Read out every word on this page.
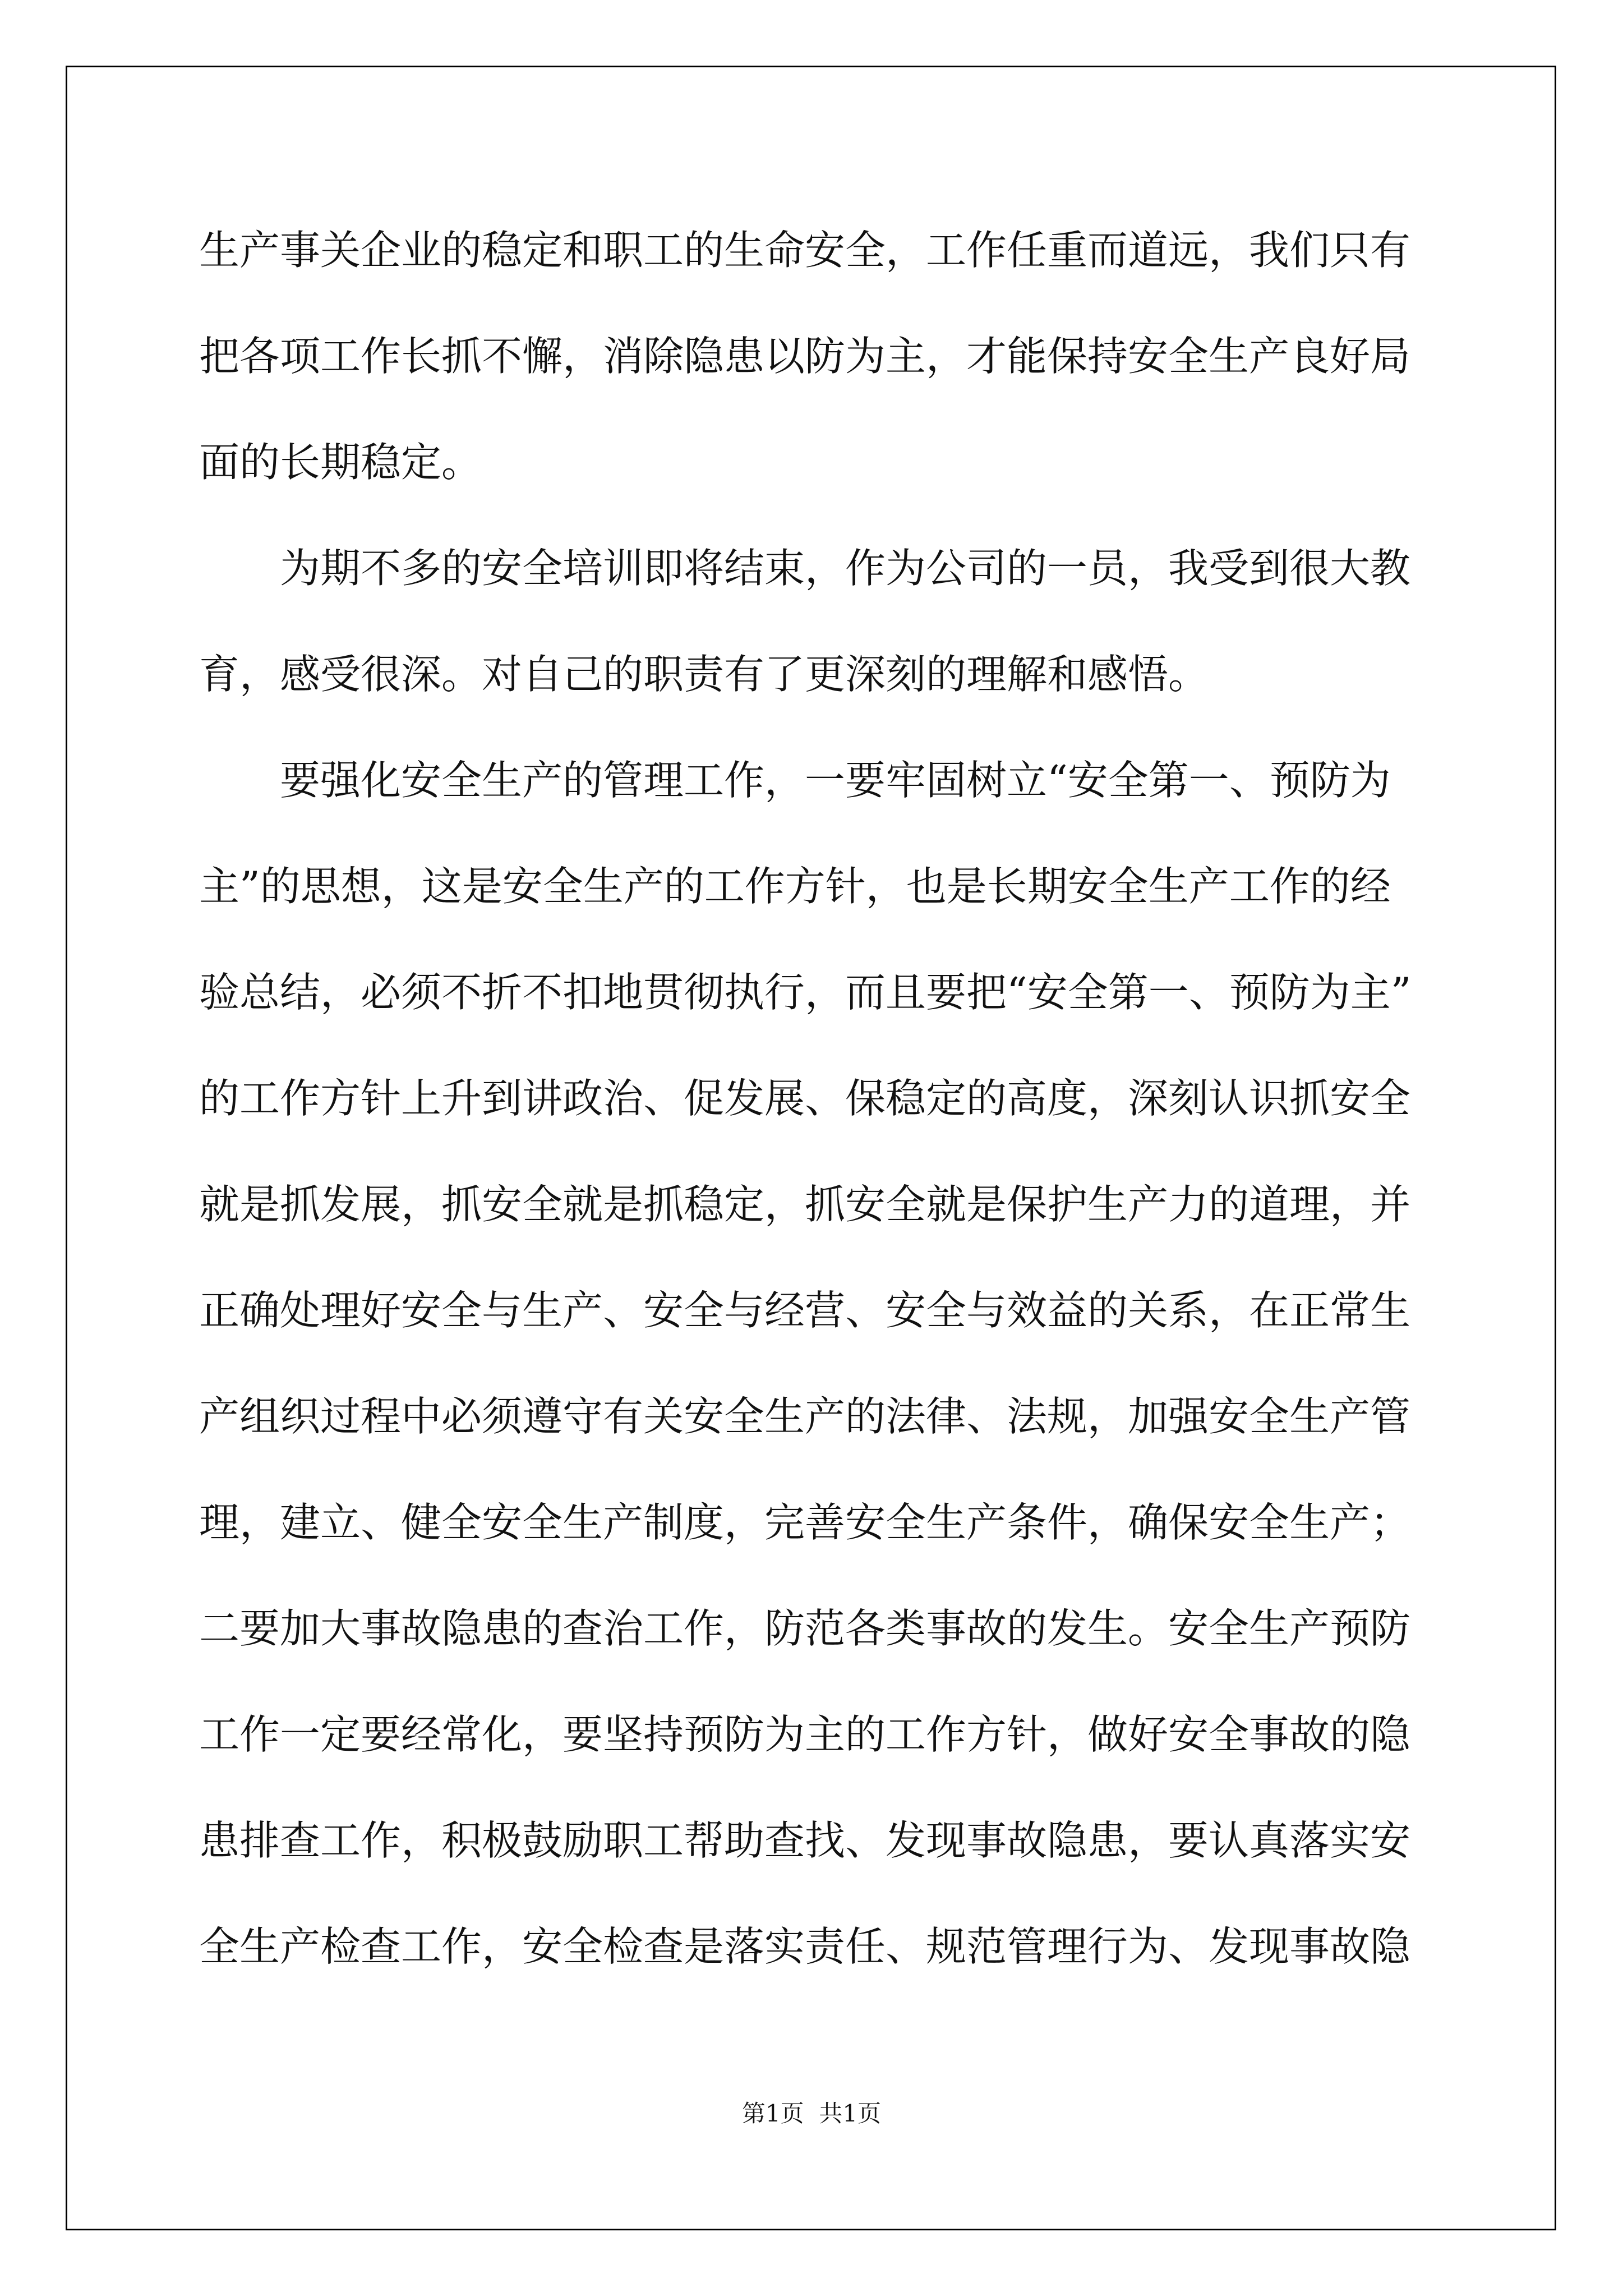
生产事关企业的稳定和职工的生命安全，工作任重而道远，我们只有
把各项工作长抓不懈，消除隐患以防为主，才能保持安全生产良好局
面的长期稳定。
为期不多的安全培训即将结束，作为公司的一员，我受到很大教
育，感受很深。对自己的职责有了更深刻的理解和感悟。
要强化安全生产的管理工作，一要牢固树立“安全第一、预防为
主”的思想，这是安全生产的工作方针，也是长期安全生产工作的经
验总结，必须不折不扣地贯彻执行，而且要把“安全第一、预防为主”
的工作方针上升到讲政治、促发展、保稳定的高度，深刻认识抓安全
就是抓发展，抓安全就是抓稳定，抓安全就是保护生产力的道理，并
正确处理好安全与生产、安全与经营、安全与效益的关系，在正常生
产组织过程中必须遵守有关安全生产的法律、法规，加强安全生产管
理，建立、健全安全生产制度，完善安全生产条件，确保安全生产；
二要加大事故隐患的查治工作，防范各类事故的发生。安全生产预防
工作一定要经常化，要坚持预防为主的工作方针，做好安全事故的隐
患排查工作，积极鼓励职工帮助查找、发现事故隐患，要认真落实安
全生产检查工作，安全检查是落实责任、规范管理行为、发现事故隐
第1页  共1页
